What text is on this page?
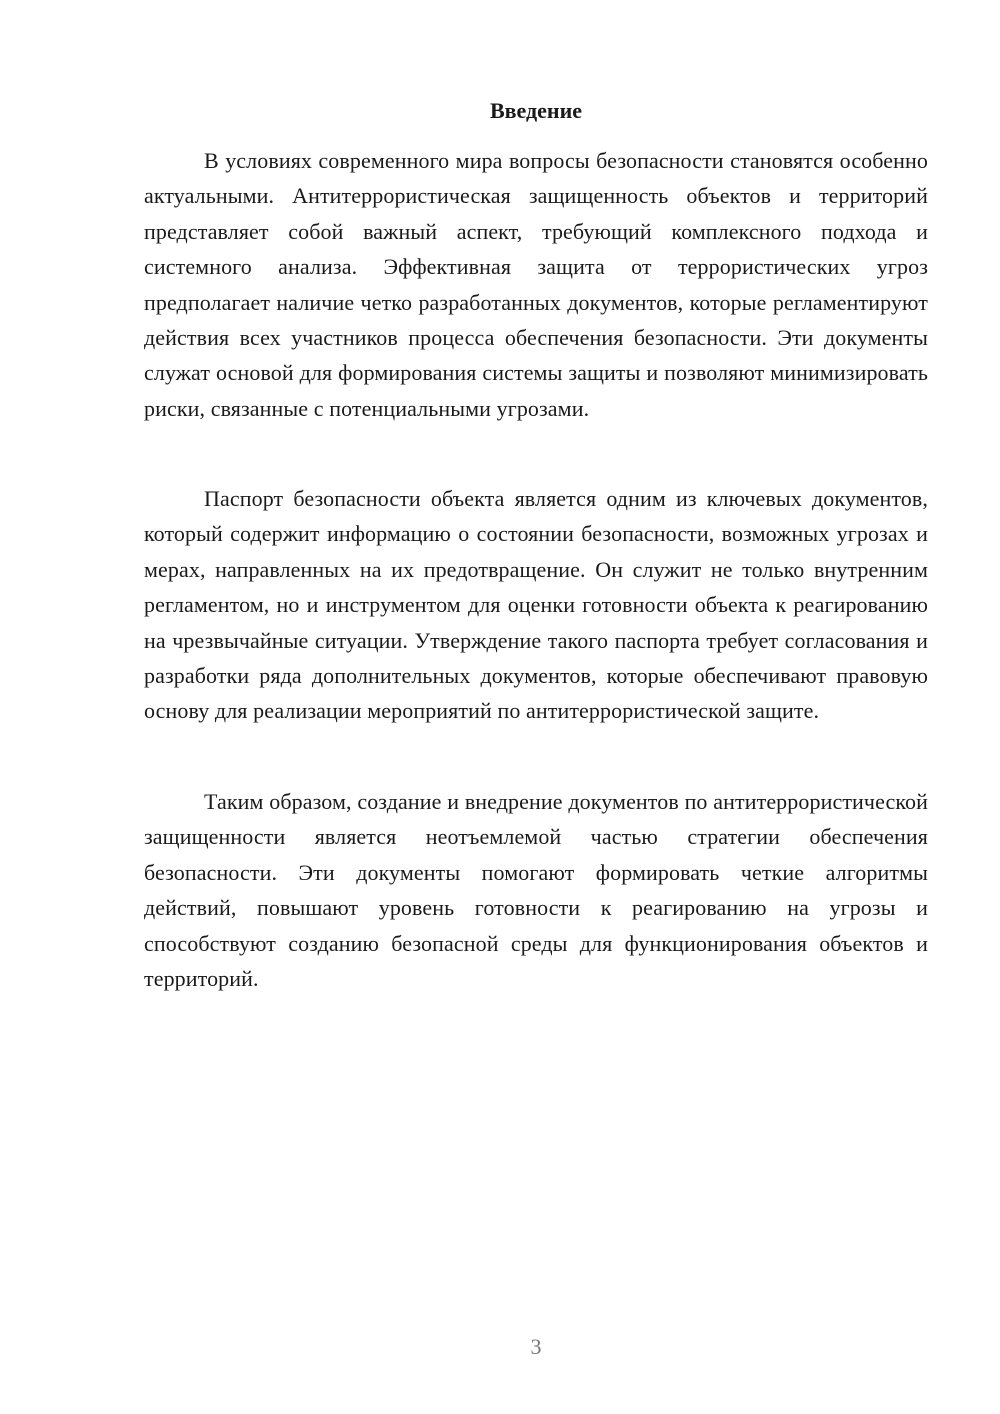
Введение

В условиях современного мира вопросы безопасности становятся особенно актуальными. Антитеррористическая защищенность объектов и территорий представляет собой важный аспект, требующий комплексного подхода и системного анализа. Эффективная защита от террористических угроз предполагает наличие четко разработанных документов, которые регламентируют действия всех участников процесса обеспечения безопасности. Эти документы служат основой для формирования системы защиты и позволяют минимизировать риски, связанные с потенциальными угрозами.

Паспорт безопасности объекта является одним из ключевых документов, который содержит информацию о состоянии безопасности, возможных угрозах и мерах, направленных на их предотвращение. Он служит не только внутренним регламентом, но и инструментом для оценки готовности объекта к реагированию на чрезвычайные ситуации. Утверждение такого паспорта требует согласования и разработки ряда дополнительных документов, которые обеспечивают правовую основу для реализации мероприятий по антитеррористической защите.

Таким образом, создание и внедрение документов по антитеррористической защищенности является неотъемлемой частью стратегии обеспечения безопасности. Эти документы помогают формировать четкие алгоритмы действий, повышают уровень готовности к реагированию на угрозы и способствуют созданию безопасной среды для функционирования объектов и территорий.

3
